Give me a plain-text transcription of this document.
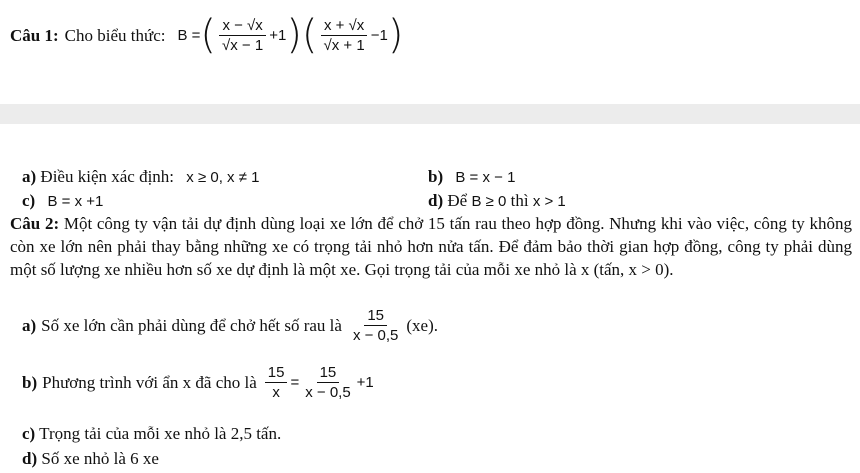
Câu 1: Cho biểu thức: B = ( $\frac{x - √x}{√x - 1} +1$ ) ( $\frac{x + √x}{√x + 1} -1$ )
a) Điều kiện xác định: x ≥ 0, x ≠ 1	b) B = x − 1
c) B = x +1	d) Để B ≥ 0 thì x > 1
Câu 2: Một công ty vận tải dự định dùng loại xe lớn để chở 15 tấn rau theo hợp đồng. Nhưng khi vào việc, công ty không còn xe lớn nên phải thay bằng những xe có trọng tải nhỏ hơn nửa tấn. Để đảm bảo thời gian hợp đồng, công ty phải dùng một số lượng xe nhiều hơn số xe dự định là một xe. Gọi trọng tải của mỗi xe nhỏ là x (tấn, x > 0).
a) Số xe lớn cần phải dùng để chở hết số rau là $\frac{15}{x - 0,5} (xe)$.
b) Phương trình với ẩn x đã cho là $\frac{15}{x} = \frac{15}{x - 0,5} +1$
c) Trọng tải của mỗi xe nhỏ là 2,5 tấn.
d) Số xe nhỏ là 6 xe
